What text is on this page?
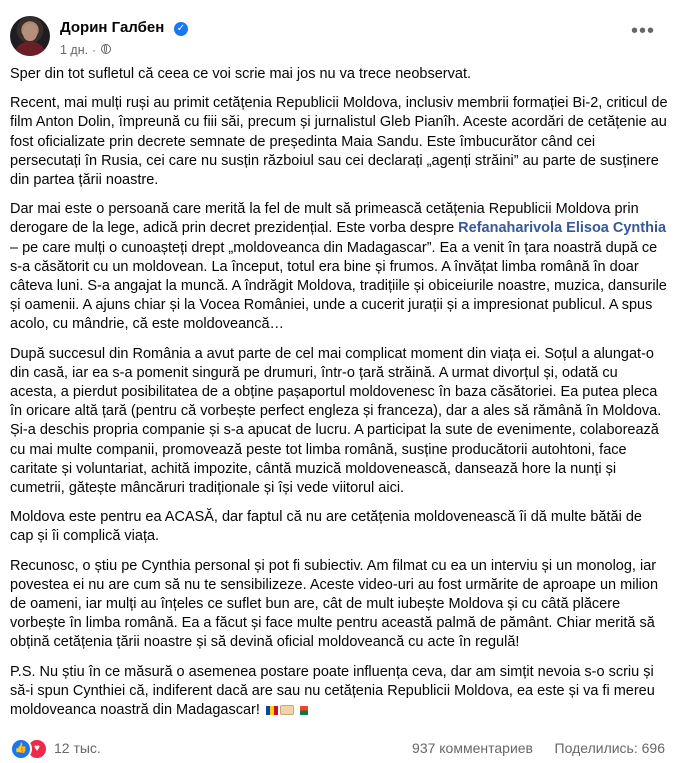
Дорин Галбен ✓
1 дн. ·
•••

Sper din tot sufletul că ceea ce voi scrie mai jos nu va trece neobservat.

Recent, mai mulți ruși au primit cetățenia Republicii Moldova, inclusiv membrii formației Bi-2, criticul de film Anton Dolin, împreună cu fiii săi, precum și jurnalistul Gleb Pianîh. Aceste acordări de cetățenie au fost oficializate prin decrete semnate de președinta Maia Sandu. Este îmbucurător când cei persecutați în Rusia, cei care nu susțin războiul sau cei declarați „agenți străini” au parte de susținere din partea țării noastre.

Dar mai este o persoană care merită la fel de mult să primească cetățenia Republicii Moldova prin derogare de la lege, adică prin decret prezidențial. Este vorba despre Refanaharivola Elisoa Cynthia – pe care mulți o cunoașteți drept „moldoveanca din Madagascar”. Ea a venit în țara noastră după ce s-a căsătorit cu un moldovean. La început, totul era bine și frumos. A învățat limba română în doar câteva luni. S-a angajat la muncă. A îndrăgit Moldova, tradițiile și obiceiurile noastre, muzica, dansurile și oamenii. A ajuns chiar și la Vocea României, unde a cucerit jurații și a impresionat publicul. A spus acolo, cu mândrie, că este moldoveancă…

După succesul din România a avut parte de cel mai complicat moment din viața ei. Soțul a alungat-o din casă, iar ea s-a pomenit singură pe drumuri, într-o țară străină. A urmat divorțul și, odată cu acesta, a pierdut posibilitatea de a obține pașaportul moldovenesc în baza căsătoriei. Ea putea pleca în oricare altă țară (pentru că vorbește perfect engleza și franceza), dar a ales să rămână în Moldova. Și-a deschis propria companie și s-a apucat de lucru. A participat la sute de evenimente, colaborează cu mai multe companii, promovează peste tot limba română, susține producătorii autohtoni, face caritate și voluntariat, achită impozite, cântă muzică moldovenească, dansează hore la nunți și cumetrii, gătește mâncăruri tradiționale și își vede viitorul aici.

Moldova este pentru ea ACASĂ, dar faptul că nu are cetățenia moldovenească îi dă multe bătăi de cap și îi complică viața.

Recunosc, o știu pe Cynthia personal și pot fi subiectiv. Am filmat cu ea un interviu și un monolog, iar povestea ei nu are cum să nu te sensibilizeze. Aceste video-uri au fost urmărite de aproape un milion de oameni, iar mulți au înțeles ce suflet bun are, cât de mult iubește Moldova și cu câtă plăcere vorbește în limba română. Ea a făcut și face multe pentru această palmă de pământ. Chiar merită să obțină cetățenia țării noastre și să devină oficial moldoveancă cu acte în regulă!

P.S. Nu știu în ce măsură o asemenea postare poate influența ceva, dar am simțit nevoia s-o scriu și să-i spun Cynthiei că, indiferent dacă are sau nu cetățenia Republicii Moldova, ea este și va fi mereu moldoveanca noastră din Madagascar!

👍 ♥	12 тыс.	937 комментариев Поделились: 696
